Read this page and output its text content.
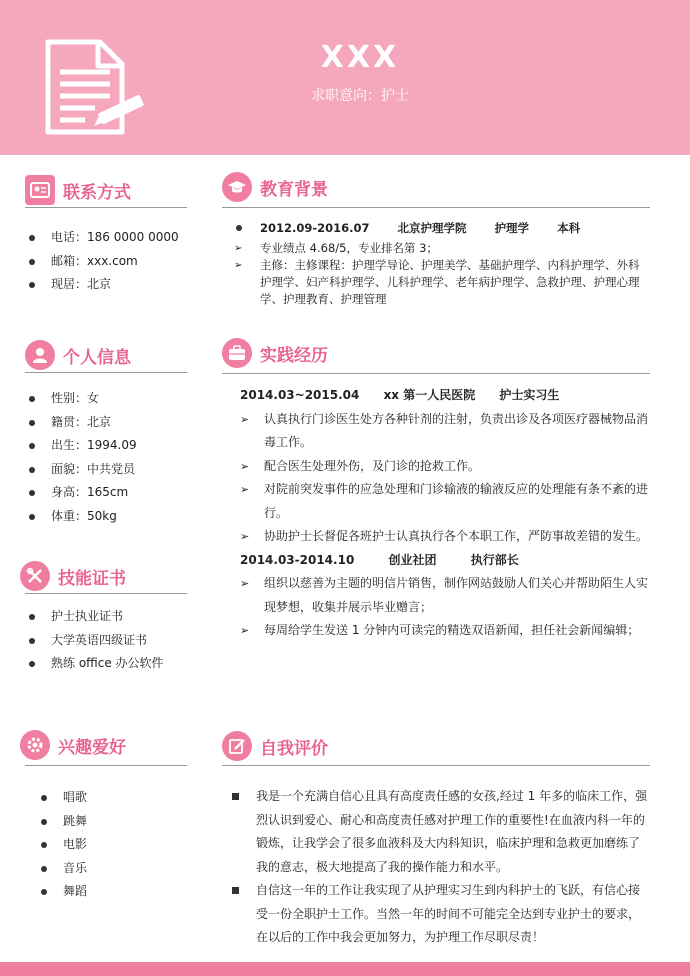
XXX
求职意向：护士
联系方式
电话：186 0000 0000
邮箱：xxx.com
现居：北京
个人信息
性别：女
籍贯：北京
出生：1994.09
面貌：中共党员
身高：165cm
体重：50kg
技能证书
护士执业证书
大学英语四级证书
熟练 office 办公软件
兴趣爱好
唱歌
跳舞
电影
音乐
舞蹈
教育背景
2012.09-2016.07 北京护理学院 护理学 本科
➢ 专业绩点 4.68/5，专业排名第 3；
➢ 主修：主修课程：护理学导论、护理美学、基础护理学、内科护理学、外科护理学、妇产科护理学、儿科护理学、老年病护理学、急救护理、护理心理学、护理教育、护理管理
实践经历
2014.03~2015.04 xx 第一人民医院 护士实习生
➢ 认真执行门诊医生处方各种针剂的注射，负责出诊及各项医疗器械物品消毒工作。
➢ 配合医生处理外伤，及门诊的抢救工作。
➢ 对院前突发事件的应急处理和门诊输液的输液反应的处理能有条不紊的进行。
➢ 协助护士长督促各班护士认真执行各个本职工作，严防事故差错的发生。
2014.03-2014.10	创业社团	执行部长
➢ 组织以慈善为主题的明信片销售，制作网站鼓励人们关心并帮助陌生人实现梦想，收集并展示毕业赠言；
➢ 每周给学生发送 1 分钟内可读完的精选双语新闻，担任社会新闻编辑；
自我评价
我是一个充满自信心且具有高度责任感的女孩,经过 1 年多的临床工作，强烈认识到爱心、耐心和高度责任感对护理工作的重要性!在血液内科一年的锻炼，让我学会了很多血液科及大内科知识，临床护理和急救更加磨练了我的意志，极大地提高了我的操作能力和水平。
自信这一年的工作让我实现了从护理实习生到内科护士的飞跃，有信心接受一份全职护士工作。当然一年的时间不可能完全达到专业护士的要求，在以后的工作中我会更加努力，为护理工作尽职尽责！
